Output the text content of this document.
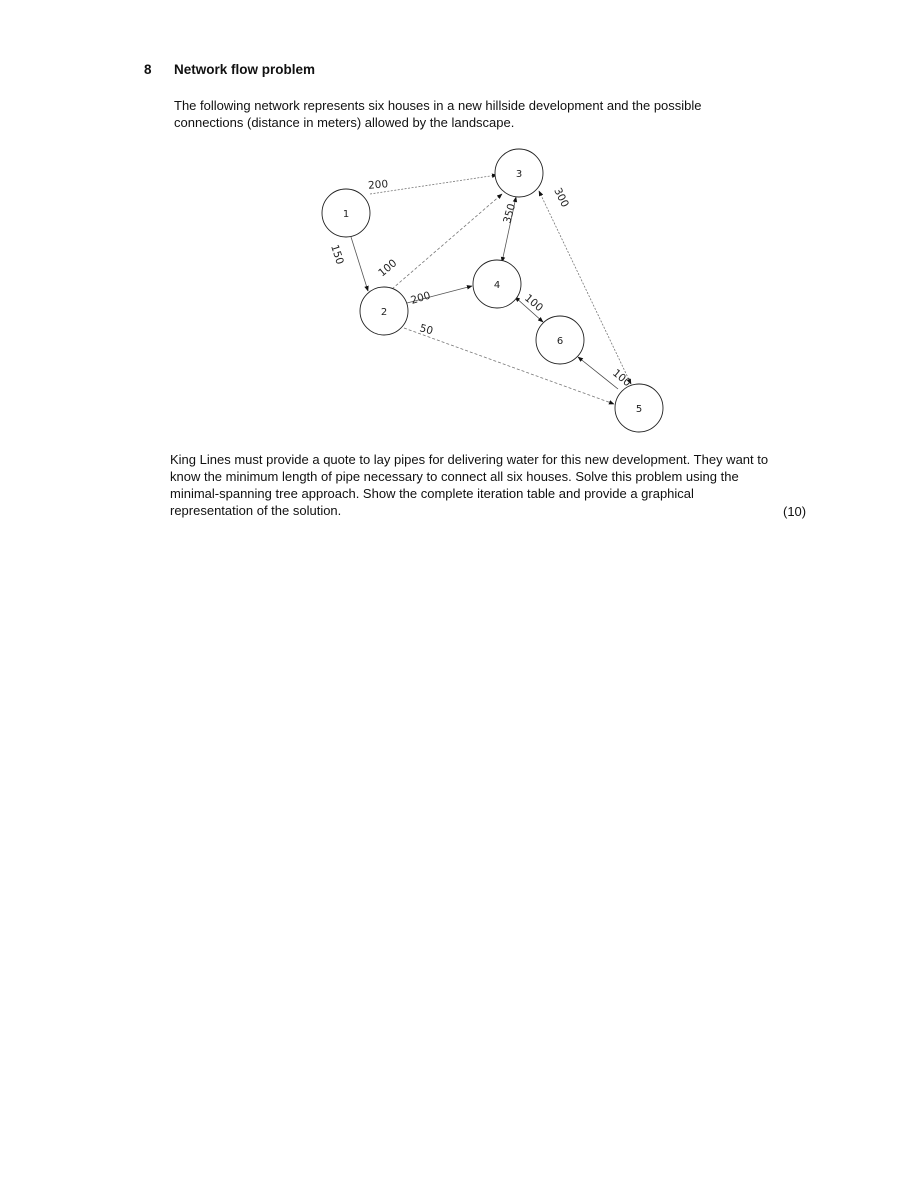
8 Network flow problem
The following network represents six houses in a new hillside development and the possible
connections (distance in meters) allowed by the landscape.
200
150
100
200
50
350
300
100
100
1
2
3
4
5
6
King Lines must provide a quote to lay pipes for delivering water for this new development. They want to
know the minimum length of pipe necessary to connect all six houses. Solve this problem using the
minimal-spanning tree approach. Show the complete iteration table and provide a graphical
representation of the solution.	(10)
